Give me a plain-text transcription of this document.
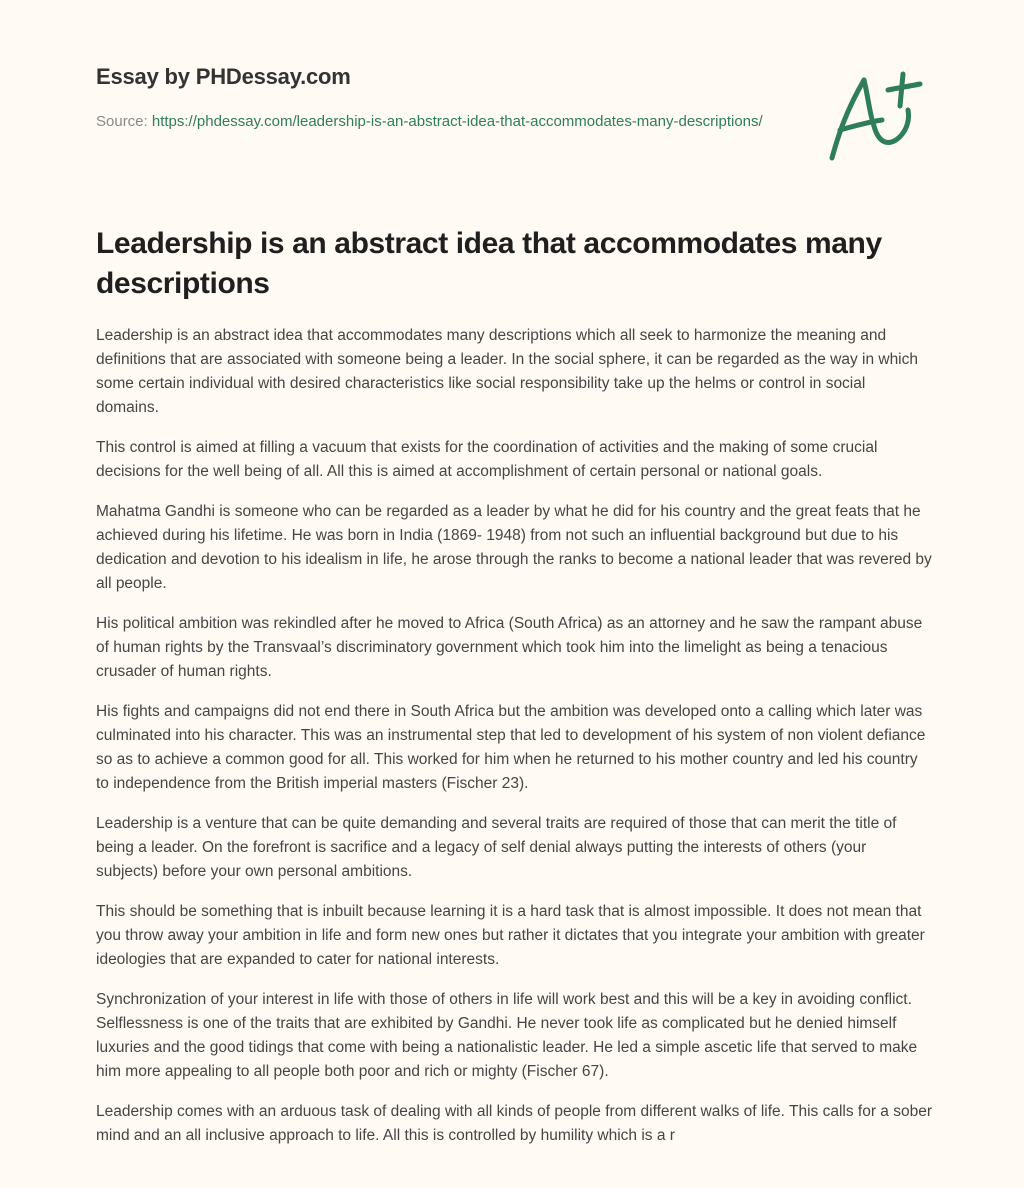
Essay by PHDessay.com

Source: https://phdessay.com/leadership-is-an-abstract-idea-that-accommodates-many-descriptions/

Leadership is an abstract idea that accommodates many descriptions

Leadership is an abstract idea that accommodates many descriptions which all seek to harmonize the meaning and definitions that are associated with someone being a leader. In the social sphere, it can be regarded as the way in which some certain individual with desired characteristics like social responsibility take up the helms or control in social domains.

This control is aimed at filling a vacuum that exists for the coordination of activities and the making of some crucial decisions for the well being of all. All this is aimed at accomplishment of certain personal or national goals.

Mahatma Gandhi is someone who can be regarded as a leader by what he did for his country and the great feats that he achieved during his lifetime. He was born in India (1869- 1948) from not such an influential background but due to his dedication and devotion to his idealism in life, he arose through the ranks to become a national leader that was revered by all people.

His political ambition was rekindled after he moved to Africa (South Africa) as an attorney and he saw the rampant abuse of human rights by the Transvaal’s discriminatory government which took him into the limelight as being a tenacious crusader of human rights.

His fights and campaigns did not end there in South Africa but the ambition was developed onto a calling which later was culminated into his character. This was an instrumental step that led to development of his system of non violent defiance so as to achieve a common good for all. This worked for him when he returned to his mother country and led his country to independence from the British imperial masters (Fischer 23).

Leadership is a venture that can be quite demanding and several traits are required of those that can merit the title of being a leader. On the forefront is sacrifice and a legacy of self denial always putting the interests of others (your subjects) before your own personal ambitions.

This should be something that is inbuilt because learning it is a hard task that is almost impossible. It does not mean that you throw away your ambition in life and form new ones but rather it dictates that you integrate your ambition with greater ideologies that are expanded to cater for national interests.

Synchronization of your interest in life with those of others in life will work best and this will be a key in avoiding conflict. Selflessness is one of the traits that are exhibited by Gandhi. He never took life as complicated but he denied himself luxuries and the good tidings that come with being a nationalistic leader. He led a simple ascetic life that served to make him more appealing to all people both poor and rich or mighty (Fischer 67).

Leadership comes with an arduous task of dealing with all kinds of people from different walks of life. This calls for a sober mind and an all inclusive approach to life. All this is controlled by humility which is a r
